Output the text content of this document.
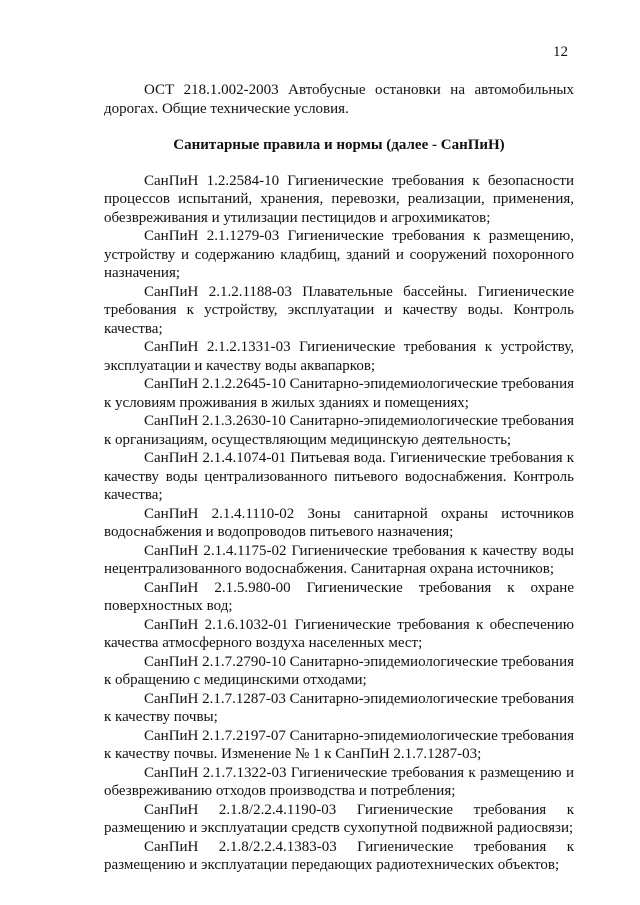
12

ОСТ 218.1.002-2003 Автобусные остановки на автомобильных дорогах. Общие технические условия.

Санитарные правила и нормы (далее - СанПиН)

СанПиН 1.2.2584-10 Гигиенические требования к безопасности процессов испытаний, хранения, перевозки, реализации, применения, обезвреживания и утилизации пестицидов и агрохимикатов;

СанПиН 2.1.1279-03 Гигиенические требования к размещению, устройству и содержанию кладбищ, зданий и сооружений похоронного назначения;

СанПиН 2.1.2.1188-03 Плавательные бассейны. Гигиенические требования к устройству, эксплуатации и качеству воды. Контроль качества;

СанПиН 2.1.2.1331-03 Гигиенические требования к устройству, эксплуатации и качеству воды аквапарков;

СанПиН 2.1.2.2645-10 Санитарно-эпидемиологические требования к условиям проживания в жилых зданиях и помещениях;

СанПиН 2.1.3.2630-10 Санитарно-эпидемиологические требования к организациям, осуществляющим медицинскую деятельность;

СанПиН 2.1.4.1074-01 Питьевая вода. Гигиенические требования к качеству воды централизованного питьевого водоснабжения. Контроль качества;

СанПиН 2.1.4.1110-02 Зоны санитарной охраны источников водоснабжения и водопроводов питьевого назначения;

СанПиН 2.1.4.1175-02 Гигиенические требования к качеству воды нецентрализованного водоснабжения. Санитарная охрана источников;

СанПиН 2.1.5.980-00 Гигиенические требования к охране поверхностных вод;

СанПиН 2.1.6.1032-01 Гигиенические требования к обеспечению качества атмосферного воздуха населенных мест;

СанПиН 2.1.7.2790-10 Санитарно-эпидемиологические требования к обращению с медицинскими отходами;

СанПиН 2.1.7.1287-03 Санитарно-эпидемиологические требования к качеству почвы;

СанПиН 2.1.7.2197-07 Санитарно-эпидемиологические требования к качеству почвы. Изменение № 1 к СанПиН 2.1.7.1287-03;

СанПиН 2.1.7.1322-03 Гигиенические требования к размещению и обезвреживанию отходов производства и потребления;

СанПиН 2.1.8/2.2.4.1190-03 Гигиенические требования к размещению и эксплуатации средств сухопутной подвижной радиосвязи;

СанПиН 2.1.8/2.2.4.1383-03 Гигиенические требования к размещению и эксплуатации передающих радиотехнических объектов;
